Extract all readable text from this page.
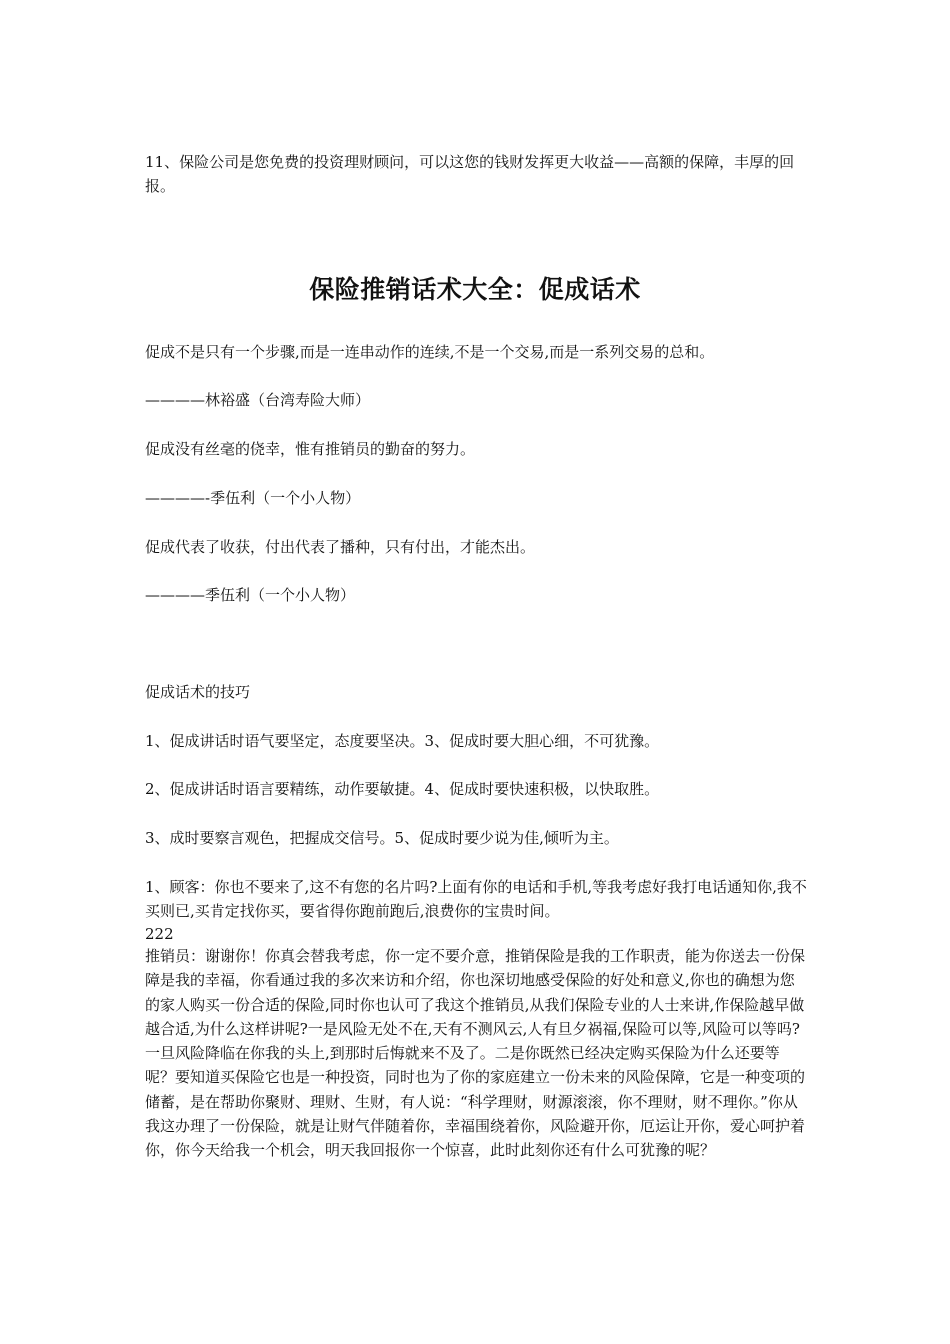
11、保险公司是您免费的投资理财顾问，可以这您的钱财发挥更大收益——高额的保障，丰厚的回报。

保险推销话术大全：促成话术

促成不是只有一个步骤,而是一连串动作的连续,不是一个交易,而是一系列交易的总和。

————林裕盛（台湾寿险大师）

促成没有丝毫的侥幸，惟有推销员的勤奋的努力。

————-季伍利（一个小人物）

促成代表了收获，付出代表了播种，只有付出，才能杰出。

————季伍利（一个小人物）

促成话术的技巧

1、促成讲话时语气要坚定，态度要坚决。3、促成时要大胆心细，不可犹豫。

2、促成讲话时语言要精练，动作要敏捷。4、促成时要快速积极，以快取胜。

3、成时要察言观色，把握成交信号。5、促成时要少说为佳,倾听为主。

1、顾客：你也不要来了,这不有您的名片吗?上面有你的电话和手机,等我考虑好我打电话通知你,我不买则已,买肯定找你买，要省得你跑前跑后,浪费你的宝贵时间。

222

推销员：谢谢你！你真会替我考虑，你一定不要介意，推销保险是我的工作职责，能为你送去一份保障是我的幸福，你看通过我的多次来访和介绍，你也深切地感受保险的好处和意义,你也的确想为您的家人购买一份合适的保险,同时你也认可了我这个推销员,从我们保险专业的人士来讲,作保险越早做越合适,为什么这样讲呢?一是风险无处不在,天有不测风云,人有旦夕祸福,保险可以等,风险可以等吗?一旦风险降临在你我的头上,到那时后悔就来不及了。二是你既然已经决定购买保险为什么还要等呢？要知道买保险它也是一种投资，同时也为了你的家庭建立一份未来的风险保障，它是一种变项的储蓄，是在帮助你聚财、理财、生财，有人说：“科学理财，财源滚滚，你不理财，财不理你。”你从我这办理了一份保险，就是让财气伴随着你，幸福围绕着你，风险避开你，厄运让开你，爱心呵护着你，你今天给我一个机会，明天我回报你一个惊喜，此时此刻你还有什么可犹豫的呢？
